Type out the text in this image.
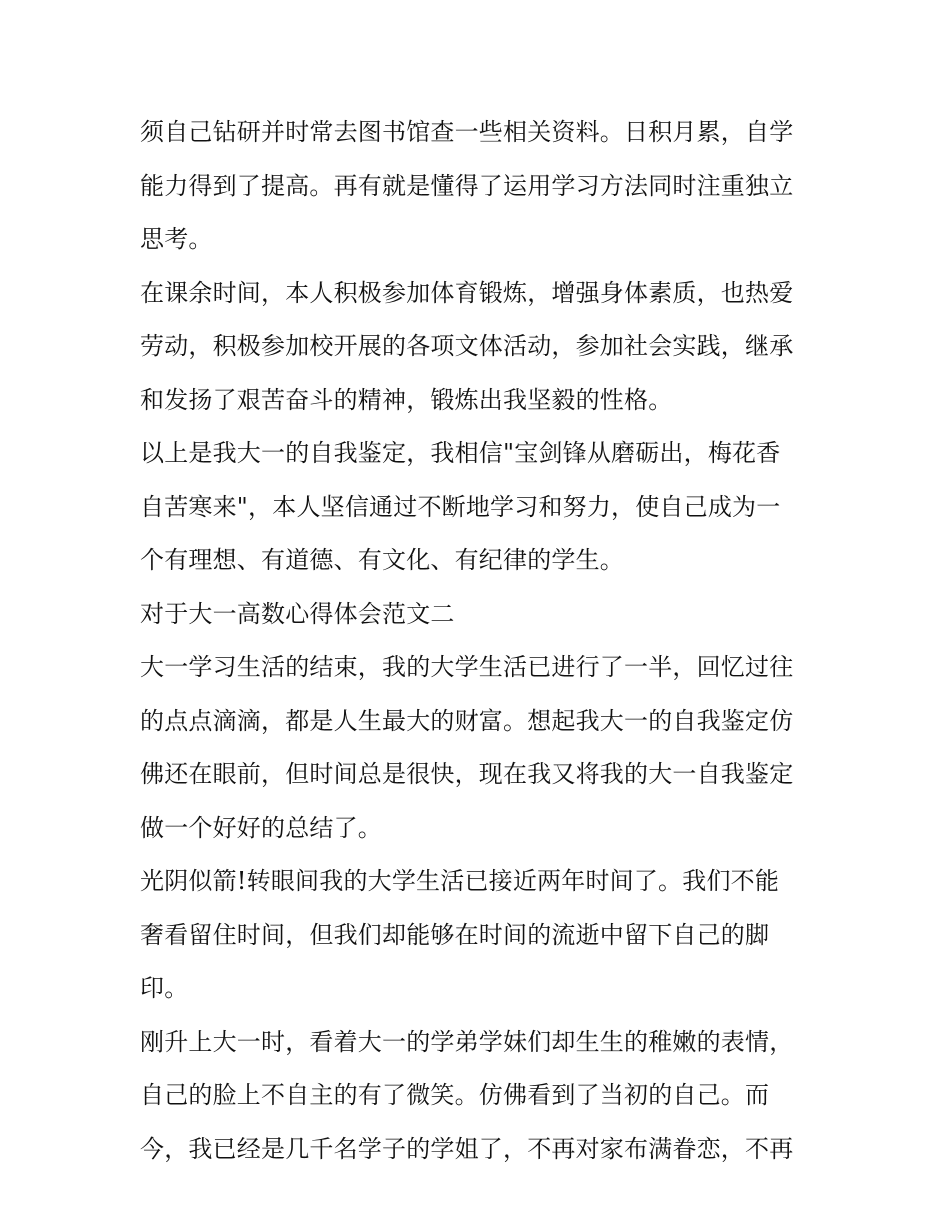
须自己钻研并时常去图书馆查一些相关资料。日积月累，自学
能力得到了提高。再有就是懂得了运用学习方法同时注重独立
思考。
在课余时间，本人积极参加体育锻炼，增强身体素质，也热爱
劳动，积极参加校开展的各项文体活动，参加社会实践，继承
和发扬了艰苦奋斗的精神，锻炼出我坚毅的性格。
以上是我大一的自我鉴定，我相信"宝剑锋从磨砺出，梅花香
自苦寒来"，本人坚信通过不断地学习和努力，使自己成为一
个有理想、有道德、有文化、有纪律的学生。
对于大一高数心得体会范文二
大一学习生活的结束，我的大学生活已进行了一半，回忆过往
的点点滴滴，都是人生最大的财富。想起我大一的自我鉴定仿
佛还在眼前，但时间总是很快，现在我又将我的大一自我鉴定
做一个好好的总结了。
光阴似箭!转眼间我的大学生活已接近两年时间了。我们不能
奢看留住时间，但我们却能够在时间的流逝中留下自己的脚
印。
刚升上大一时，看着大一的学弟学妹们却生生的稚嫩的表情，
自己的脸上不自主的有了微笑。仿佛看到了当初的自己。而
今，我已经是几千名学子的学姐了，不再对家布满眷恋，不再
